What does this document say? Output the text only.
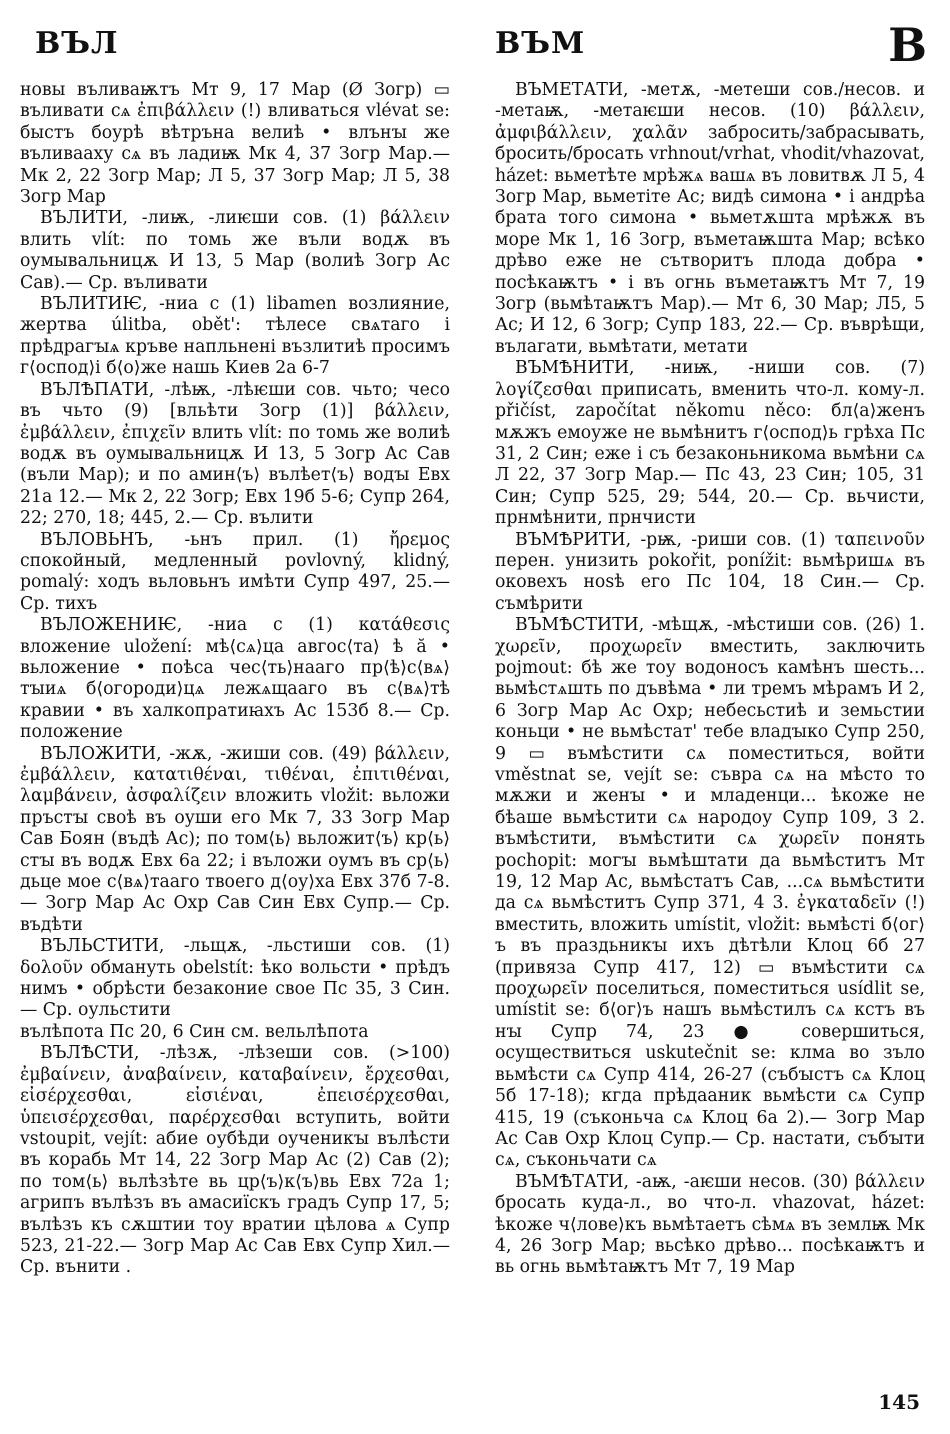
ВЪЛ	ВЪМ	В

новы въливаѭтъ Мт 9, 17 Мар (Ø Зогр) ▭ въливати сѧ ἐπιβάλλειν (!) вливаться vlévat se: быстъ боурѣ вѣтръна велиѣ • влънꙑ же въливааху сѧ въ ладиѭ Мк 4, 37 Зогр Мар.— Мк 2, 22 Зогр Мар; Л 5, 37 Зогр Мар; Л 5, 38 Зогр Мар

ВЪЛИТИ, -лиѭ, -лиѥши сов. (1) βάλλειν влить vlít: по томь же въли водѫ въ оумывальницѫ И 13, 5 Мар (волиѣ Зогр Ас Сав).— Ср. въливати

ВЪЛИТИѤ, -ниа с (1) libamen возлияние, жертва úlitba, obět': тѣлесе свѧтаго і прѣдрагꙑѧ кръве напльнені възлитиѣ просимъ г⟨оспод⟩і б⟨о⟩же нашь Киев 2а 6-7

ВЪЛѢПАТИ, -лѣѭ, -лѣѥши сов. чьто; чесо въ чьто (9) [вльѣти Зогр (1)] βάλλειν, ἐμβάλλειν, ἐπιχεῖν влить vlít: по томь же волиѣ водѫ въ оумывальницѫ И 13, 5 Зогр Ас Сав (въли Мар); и по амин⟨ъ⟩ вълѣет⟨ъ⟩ водꙑ Евх 21а 12.— Мк 2, 22 Зогр; Евх 19б 5-6; Супр 264, 22; 270, 18; 445, 2.— Ср. вълити

ВЪЛОВЬНЪ, -ьнъ прил. (1) ἤρεμος спокойный, медленный povlovný, klidný, pomalý: ходъ вьловьнъ имѣти Супр 497, 25.— Ср. тихъ

ВЪЛОЖЕНИѤ, -ниа с (1) κατάθεσις вложение uložení: мѣ⟨сѧ⟩ца авгос⟨та⟩ ѣ ӑ • вьложение • поѣса чес⟨ть⟩наагo пр⟨ѣ⟩с⟨вѧ⟩тꙑиѧ б⟨огороди⟩цѧ лежѧщааго въ с⟨вѧ⟩тѣ кравии • въ халкопратиꙗхъ Ас 153б 8.— Ср. положение

ВЪЛОЖИТИ, -жѫ, -жиши сов. (49) βάλλειν, ἐμβάλλειν, κατατιθέναι, τιθέναι, ἐπιτιθέναι, λαμβάνειν, ἀσφαλίζειν вложить vložit: вьложи пръстꙑ своѣ въ оуши его Мк 7, 33 Зогр Мар Сав Боян (въдѣ Ас); по том⟨ь⟩ вьложит⟨ъ⟩ кр⟨ь⟩стꙑ въ водѫ Евх 6а 22; і въложи оумъ въ ср⟨ь⟩дьце мое с⟨вѧ⟩тааго твоего д⟨оу⟩ха Евх 37б 7-8.— Зогр Мар Ас Охр Сав Син Евх Супр.— Ср. въдѣти

ВЪЛЬСТИТИ, -льщѫ, -льстиши сов. (1) δολοῦν обмануть obelstít: ѣко вольсти • прѣдъ нимъ • обрѣсти безаконие свое Пс 35, 3 Син.— Ср. оульстити

вълѣпота Пс 20, 6 Син см. вельлѣпота

ВЪЛѢСТИ, -лѣзѫ, -лѣзеши сов. (>100) ἐμβαίνειν, ἀναβαίνειν, καταβαίνειν, ἔρχεσθαι, εἰσέρχεσθαι, εἰσιέναι, ἐπεισέρχεσθαι, ὑπεισέρχεσθαι, παρέρχεσθαι вступить, войти vstoupit, vejít: абие оубѣди оученикꙑ вълѣсти въ корабь Мт 14, 22 Зогр Мар Ас (2) Сав (2); по том⟨ь⟩ вьлѣзѣте вь цр⟨ъ⟩к⟨ъ⟩вь Евх 72а 1; агрипъ вълѣзъ въ амасиїскъ градъ Супр 17, 5; вълѣзъ къ сѫштии тоу вратии цѣлова ѧ Супр 523, 21-22.— Зогр Мар Ас Сав Евх Супр Хил.— Ср. вънити .

ВЪМЕТАТИ, -метѫ, -метеши сов./несов. и -метаѭ, -метаѥши несов. (10) βάλλειν, ἀμφιβάλλειν, χαλᾶν забросить/забрасывать, бросить/бросать vrhnout/vrhat, vhodit/vhazovat, házet: вьметѣте мрѣжѧ вашѧ въ ловитвѫ Л 5, 4 Зогр Мар, вьметіте Ас; видѣ симона • і андрѣа брата того симона • вьметѫшта мрѣжѫ въ море Мк 1, 16 Зогр, въметаѭшта Мар; всѣко дрѣво еже не сътворитъ плода добра • посѣкаѭтъ • і въ огнь въметаѭтъ Мт 7, 19 Зогр (вьмѣтаѭтъ Мар).— Мт 6, 30 Мар; Л5, 5 Ас; И 12, 6 Зогр; Супр 183, 22.— Ср. въврѣщи, вълагати, вьмѣтати, метати

ВЪМѢНИТИ, -ниѭ, -ниши сов. (7) λογίζεσθαι приписать, вменить что-л. кому-л. přičíst, započítat někomu něco: бл⟨а⟩женъ мѫжъ емоуже не вьмѣнитъ г⟨оспод⟩ь грѣха Пс 31, 2 Син; еже і съ безаконьникома вьмѣни сѧ Л 22, 37 Зогр Мар.— Пс 43, 23 Син; 105, 31 Син; Супр 525, 29; 544, 20.— Ср. вьчисти, прнмѣнити, прнчисти

ВЪМѢРИТИ, -рѭ, -риши сов. (1) ταπεινοῦν перен. унизить pokořit, ponížit: вьмѣришѧ въ оковехъ ноѕѣ его Пс 104, 18 Син.— Ср. съмѣрити

ВЪМѢСТИТИ, -мѣщѫ, -мѣстиши сов. (26) 1. χωρεῖν, προχωρεῖν вместить, заключить pojmout: бѣ же тоу водоносъ камѣнъ шесть... вьмѣстѧшть по дъвѣма • ли тремъ мѣрамъ И 2, 6 Зогр Мар Ас Охр; небесьстиѣ и земьстии коньци • не вьмѣстат' тебе владꙑко Супр 250, 9 ▭ въмѣстити сѧ поместиться, войти vměstnat se, vejít se: съвра сѧ на мѣсто то мѫжи и женꙑ • и младенци... ѣкоже не бѣаше вьмѣстити сѧ народоу Супр 109, 3 2. въмѣстити, въмѣстити сѧ χωρεῖν понять pochopit: могꙑ вьмѣштати да вьмѣститъ Мт 19, 12 Мар Ас, вьмѣстатъ Сав, ...сѧ вьмѣстити да сѧ вьмѣститъ Супр 371, 4 3. ἐγκαταδεῖν (!) вместить, вложить umístit, vložit: вьмѣсті б⟨ог⟩ъ въ праздьникꙑ ихъ дѣтѣли Клоц 6б 27 (привяза Супр 417, 12) ▭ въмѣстити сѧ προχωρεῖν поселиться, поместиться usídlit se, umístit se: б⟨ог⟩ъ нашъ вьмѣстилъ сѧ кстъ въ нꙑ Супр 74, 23 ● совершиться, осуществиться uskutečnit se: клма во зъло вьмѣсти сѧ Супр 414, 26-27 (събꙑстъ сѧ Клоц 5б 17-18); кгда прѣдааник вьмѣсти сѧ Супр 415, 19 (съконьча сѧ Клоц 6а 2).— Зогр Мар Ас Сав Охр Клоц Супр.— Ср. настати, събꙑти сѧ, съконьчати сѧ

ВЪМѢТАТИ, -аѭ, -аѥши несов. (30) βάλλειν бросать куда-л., во что-л. vhazovat, házet: ѣкоже ч⟨лове⟩къ вьмѣтаетъ сѣмѧ въ землѭ Мк 4, 26 Зогр Мар; вьсѣко дрѣво... посѣкаѭтъ и вь огнь вьмѣтаѭтъ Мт 7, 19 Мар

145
